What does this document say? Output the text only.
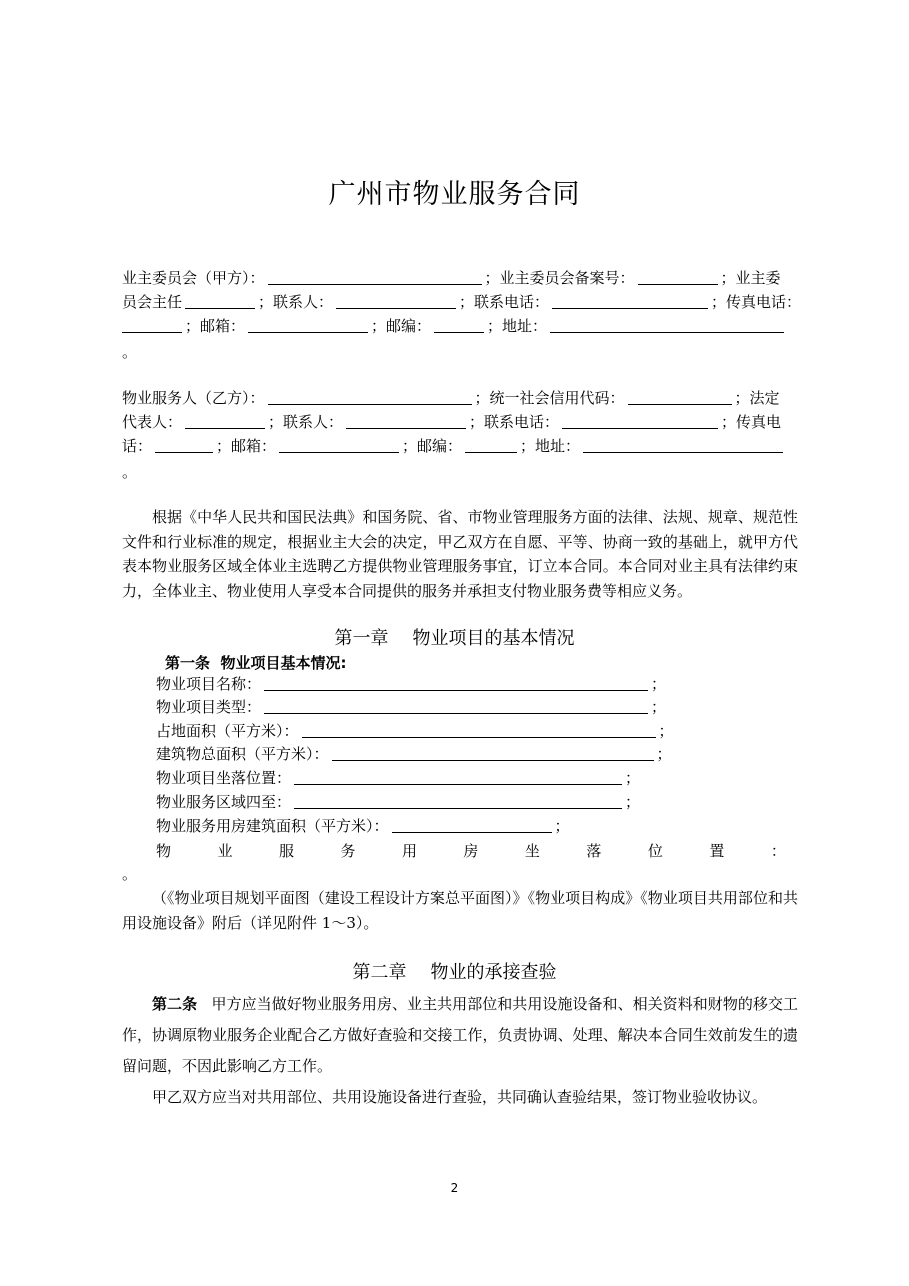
广州市物业服务合同
业主委员会（甲方）：	；业主委员会备案号：	；业主委
员会主任	；联系人：	；联系电话：	；传真电话：
；邮箱：	；邮编：	；地址：
。
物业服务人（乙方）：	；统一社会信用代码：	；法定
代表人：	；联系人：	；联系电话：	；传真电
话：	；邮箱：	；邮编：	；地址：
。

根据《中华人民共和国民法典》和国务院、省、市物业管理服务方面的法律、法规、规章、规范性文件和行业标准的规定，根据业主大会的决定，甲乙双方在自愿、平等、协商一致的基础上，就甲方代表本物业服务区域全体业主选聘乙方提供物业管理服务事宜，订立本合同。本合同对业主具有法律约束力，全体业主、物业使用人享受本合同提供的服务并承担支付物业服务费等相应义务。

第一章 物业项目的基本情况
第一条 物业项目基本情况:
物业项目名称：	；
物业项目类型：	；
占地面积（平方米）：	；
建筑物总面积（平方米）：	；
物业项目坐落位置：	；
物业服务区域四至：	；
物业服务用房建筑面积（平方米）：	；
物	业	服	务	用	房	坐	落	位	置	：
。

（《物业项目规划平面图（建设工程设计方案总平面图）》《物业项目构成》《物业项目共用部位和共用设施设备》附后（详见附件 1～3）。

第二章 物业的承接查验

第二条 甲方应当做好物业服务用房、业主共用部位和共用设施设备和、相关资料和财物的移交工作，协调原物业服务企业配合乙方做好查验和交接工作，负责协调、处理、解决本合同生效前发生的遗留问题，不因此影响乙方工作。

甲乙双方应当对共用部位、共用设施设备进行查验，共同确认查验结果，签订物业验收协议。

2
